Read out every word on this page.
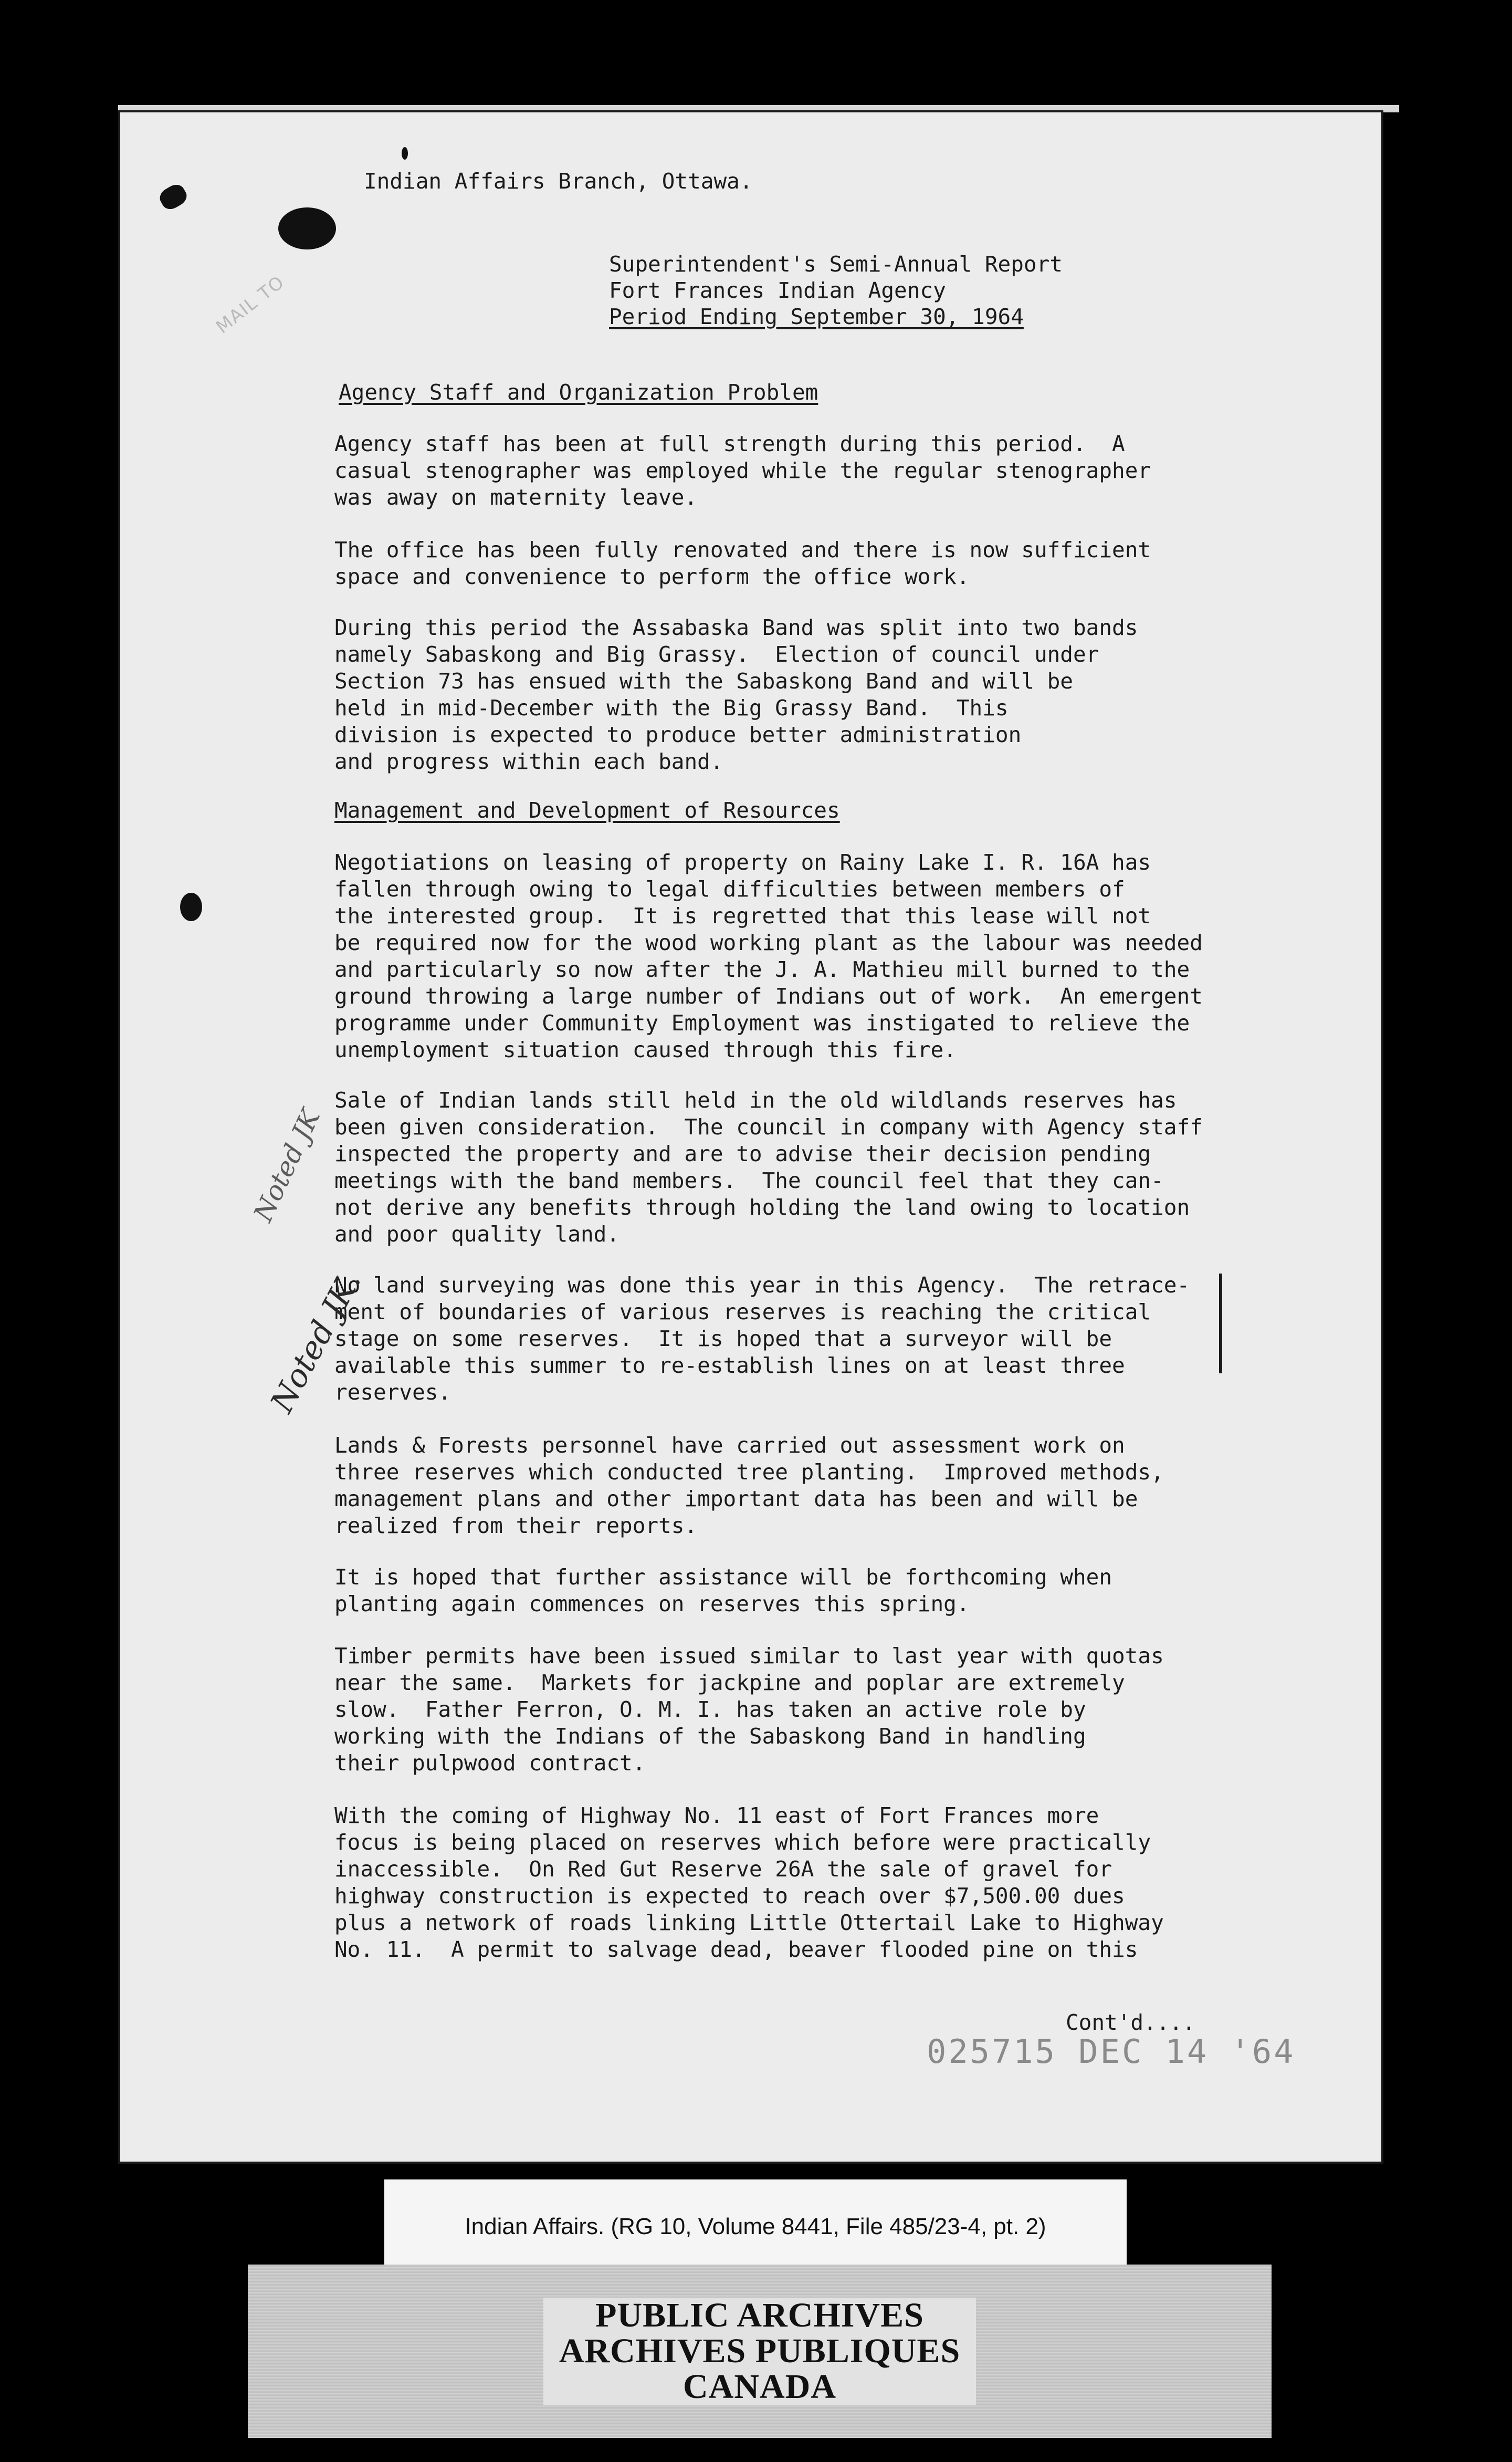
MAIL TO
Indian Affairs Branch, Ottawa.
Superintendent's Semi-Annual Report
Fort Frances Indian Agency
Period Ending September 30, 1964
Agency Staff and Organization Problem
Agency staff has been at full strength during this period.  A
casual stenographer was employed while the regular stenographer
was away on maternity leave.
The office has been fully renovated and there is now sufficient
space and convenience to perform the office work.
During this period the Assabaska Band was split into two bands
namely Sabaskong and Big Grassy.  Election of council under
Section 73 has ensued with the Sabaskong Band and will be
held in mid-December with the Big Grassy Band.  This
division is expected to produce better administration
and progress within each band.
Management and Development of Resources
Negotiations on leasing of property on Rainy Lake I. R. 16A has
fallen through owing to legal difficulties between members of
the interested group.  It is regretted that this lease will not
be required now for the wood working plant as the labour was needed
and particularly so now after the J. A. Mathieu mill burned to the
ground throwing a large number of Indians out of work.  An emergent
programme under Community Employment was instigated to relieve the
unemployment situation caused through this fire.
Sale of Indian lands still held in the old wildlands reserves has
been given consideration.  The council in company with Agency staff
inspected the property and are to advise their decision pending
meetings with the band members.  The council feel that they can-
not derive any benefits through holding the land owing to location
and poor quality land.
No land surveying was done this year in this Agency.  The retrace-
ment of boundaries of various reserves is reaching the critical
stage on some reserves.  It is hoped that a surveyor will be
available this summer to re-establish lines on at least three
reserves.
Lands & Forests personnel have carried out assessment work on
three reserves which conducted tree planting.  Improved methods,
management plans and other important data has been and will be
realized from their reports.
It is hoped that further assistance will be forthcoming when
planting again commences on reserves this spring.
Timber permits have been issued similar to last year with quotas
near the same.  Markets for jackpine and poplar are extremely
slow.  Father Ferron, O. M. I. has taken an active role by
working with the Indians of the Sabaskong Band in handling
their pulpwood contract.
With the coming of Highway No. 11 east of Fort Frances more
focus is being placed on reserves which before were practically
inaccessible.  On Red Gut Reserve 26A the sale of gravel for
highway construction is expected to reach over $7,500.00 dues
plus a network of roads linking Little Ottertail Lake to Highway
No. 11.  A permit to salvage dead, beaver flooded pine on this
Noted JK
Noted JK.
Cont'd....
025715 DEC 14 '64
Indian Affairs. (RG 10, Volume 8441, File 485/23-4, pt. 2)
PUBLIC ARCHIVES
ARCHIVES PUBLIQUES
CANADA
